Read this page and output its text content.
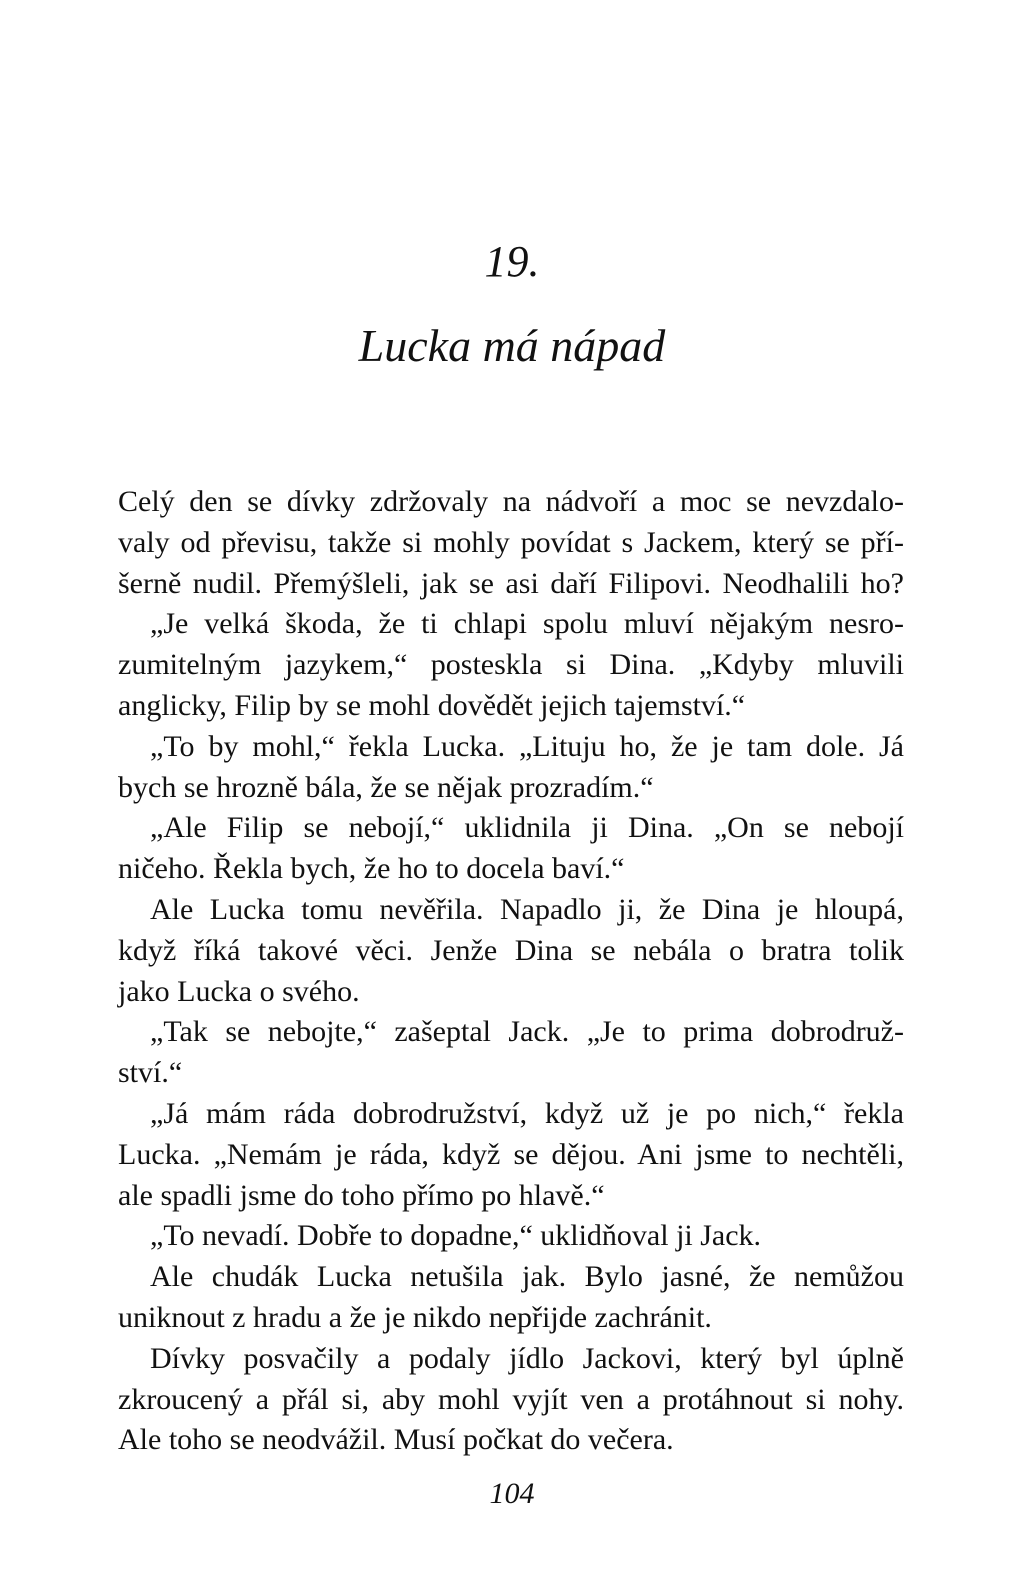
19.
Lucka má nápad
Celý den se dívky zdržovaly na nádvoří a moc se nevzdalo-
valy od převisu, takže si mohly povídat s Jackem, který se pří-
šerně nudil. Přemýšleli, jak se asi daří Filipovi. Neodhalili ho?
„Je velká škoda, že ti chlapi spolu mluví nějakým nesro-
zumitelným jazykem,“ posteskla si Dina. „Kdyby mluvili
anglicky, Filip by se mohl dovědět jejich tajemství.“
„To by mohl,“ řekla Lucka. „Lituju ho, že je tam dole. Já
bych se hrozně bála, že se nějak prozradím.“
„Ale Filip se nebojí,“ uklidnila ji Dina. „On se nebojí
ničeho. Řekla bych, že ho to docela baví.“
Ale Lucka tomu nevěřila. Napadlo ji, že Dina je hloupá,
když říká takové věci. Jenže Dina se nebála o bratra tolik
jako Lucka o svého.
„Tak se nebojte,“ zašeptal Jack. „Je to prima dobrodruž-
ství.“
„Já mám ráda dobrodružství, když už je po nich,“ řekla
Lucka. „Nemám je ráda, když se dějou. Ani jsme to nechtěli,
ale spadli jsme do toho přímo po hlavě.“
„To nevadí. Dobře to dopadne,“ uklidňoval ji Jack.
Ale chudák Lucka netušila jak. Bylo jasné, že nemůžou
uniknout z hradu a že je nikdo nepřijde zachránit.
Dívky posvačily a podaly jídlo Jackovi, který byl úplně
zkroucený a přál si, aby mohl vyjít ven a protáhnout si nohy.
Ale toho se neodvážil. Musí počkat do večera.
104
